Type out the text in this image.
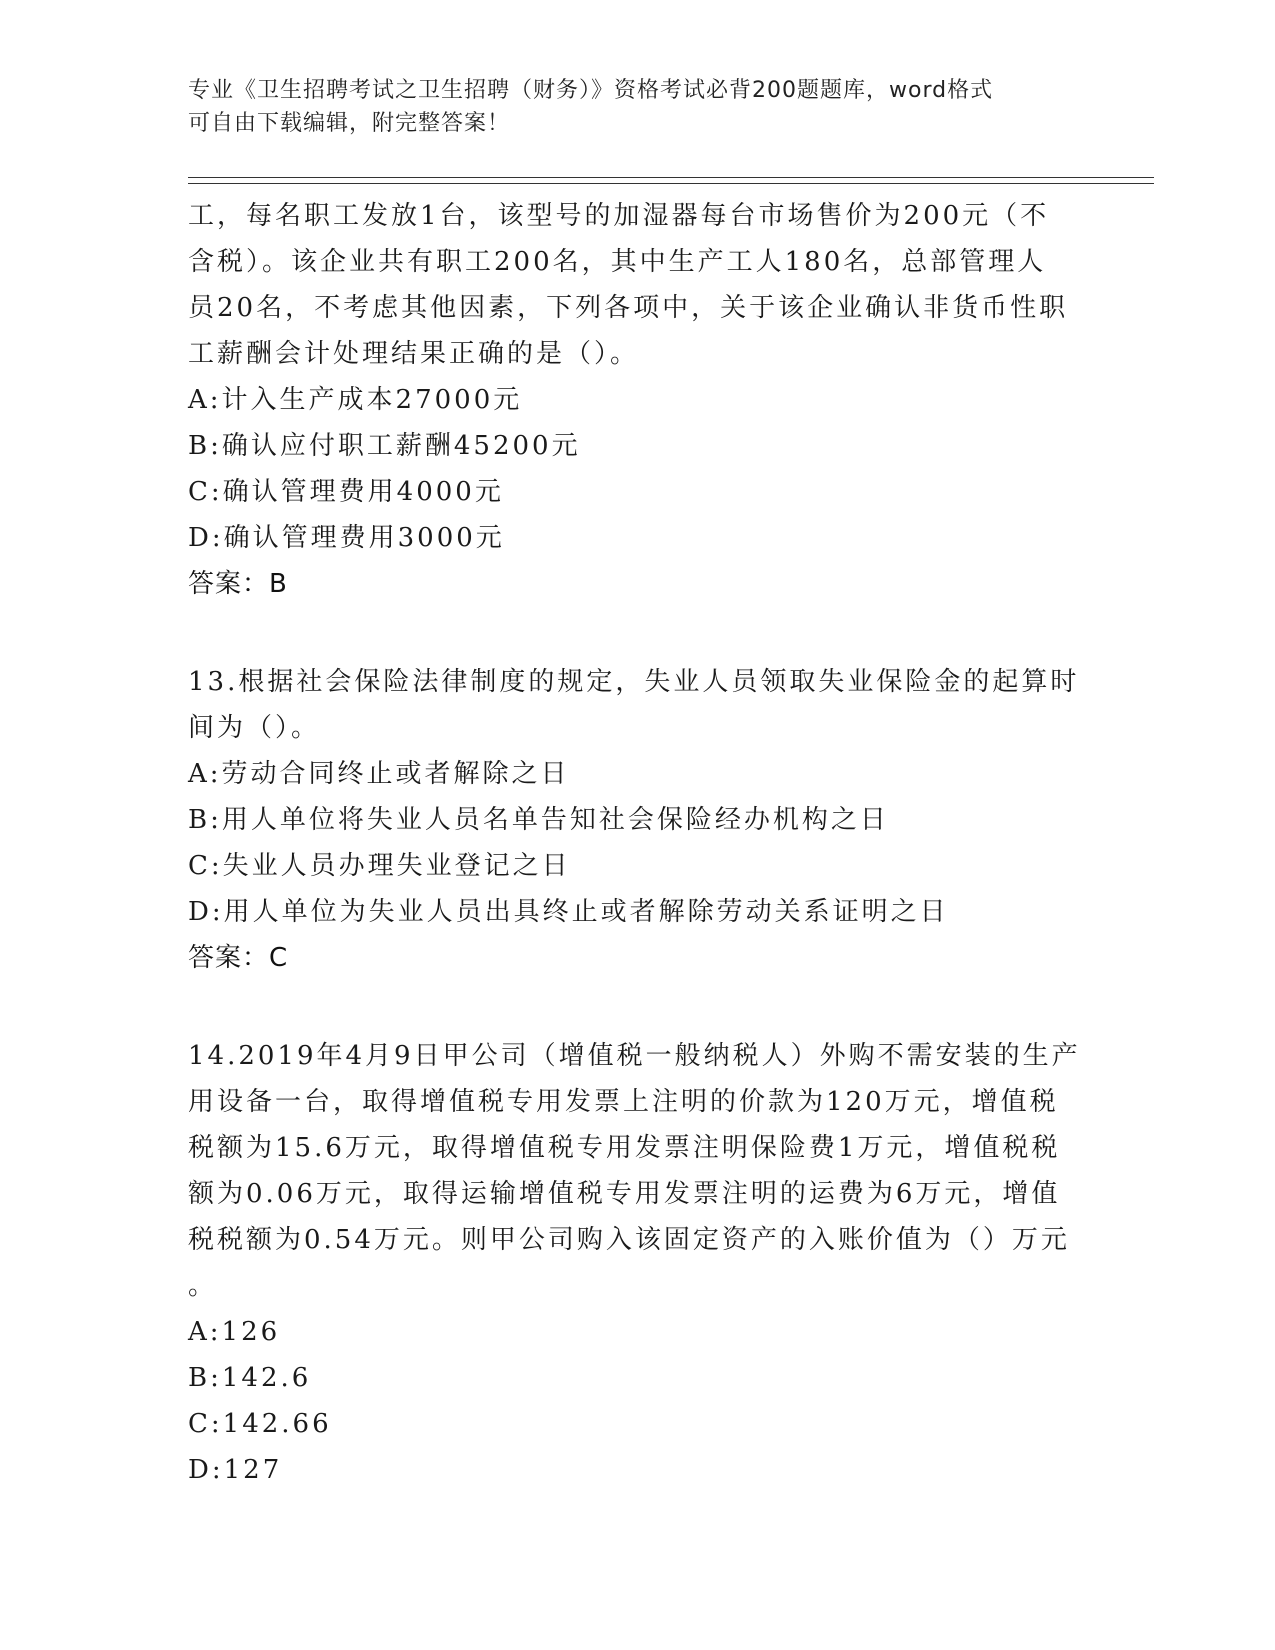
专业《卫生招聘考试之卫生招聘（财务）》资格考试必背200题题库，word格式
可自由下载编辑，附完整答案！
工，每名职工发放1台，该型号的加湿器每台市场售价为200元（不
含税）。该企业共有职工200名，其中生产工人180名，总部管理人
员20名，不考虑其他因素，下列各项中，关于该企业确认非货币性职
工薪酬会计处理结果正确的是（）。
A:计入生产成本27000元
B:确认应付职工薪酬45200元
C:确认管理费用4000元
D:确认管理费用3000元
答案：B
13.根据社会保险法律制度的规定，失业人员领取失业保险金的起算时
间为（）。
A:劳动合同终止或者解除之日
B:用人单位将失业人员名单告知社会保险经办机构之日
C:失业人员办理失业登记之日
D:用人单位为失业人员出具终止或者解除劳动关系证明之日
答案：C
14.2019年4月9日甲公司（增值税一般纳税人）外购不需安装的生产
用设备一台，取得增值税专用发票上注明的价款为120万元，增值税
税额为15.6万元，取得增值税专用发票注明保险费1万元，增值税税
额为0.06万元，取得运输增值税专用发票注明的运费为6万元，增值
税税额为0.54万元。则甲公司购入该固定资产的入账价值为（）万元
。
A:126
B:142.6
C:142.66
D:127
